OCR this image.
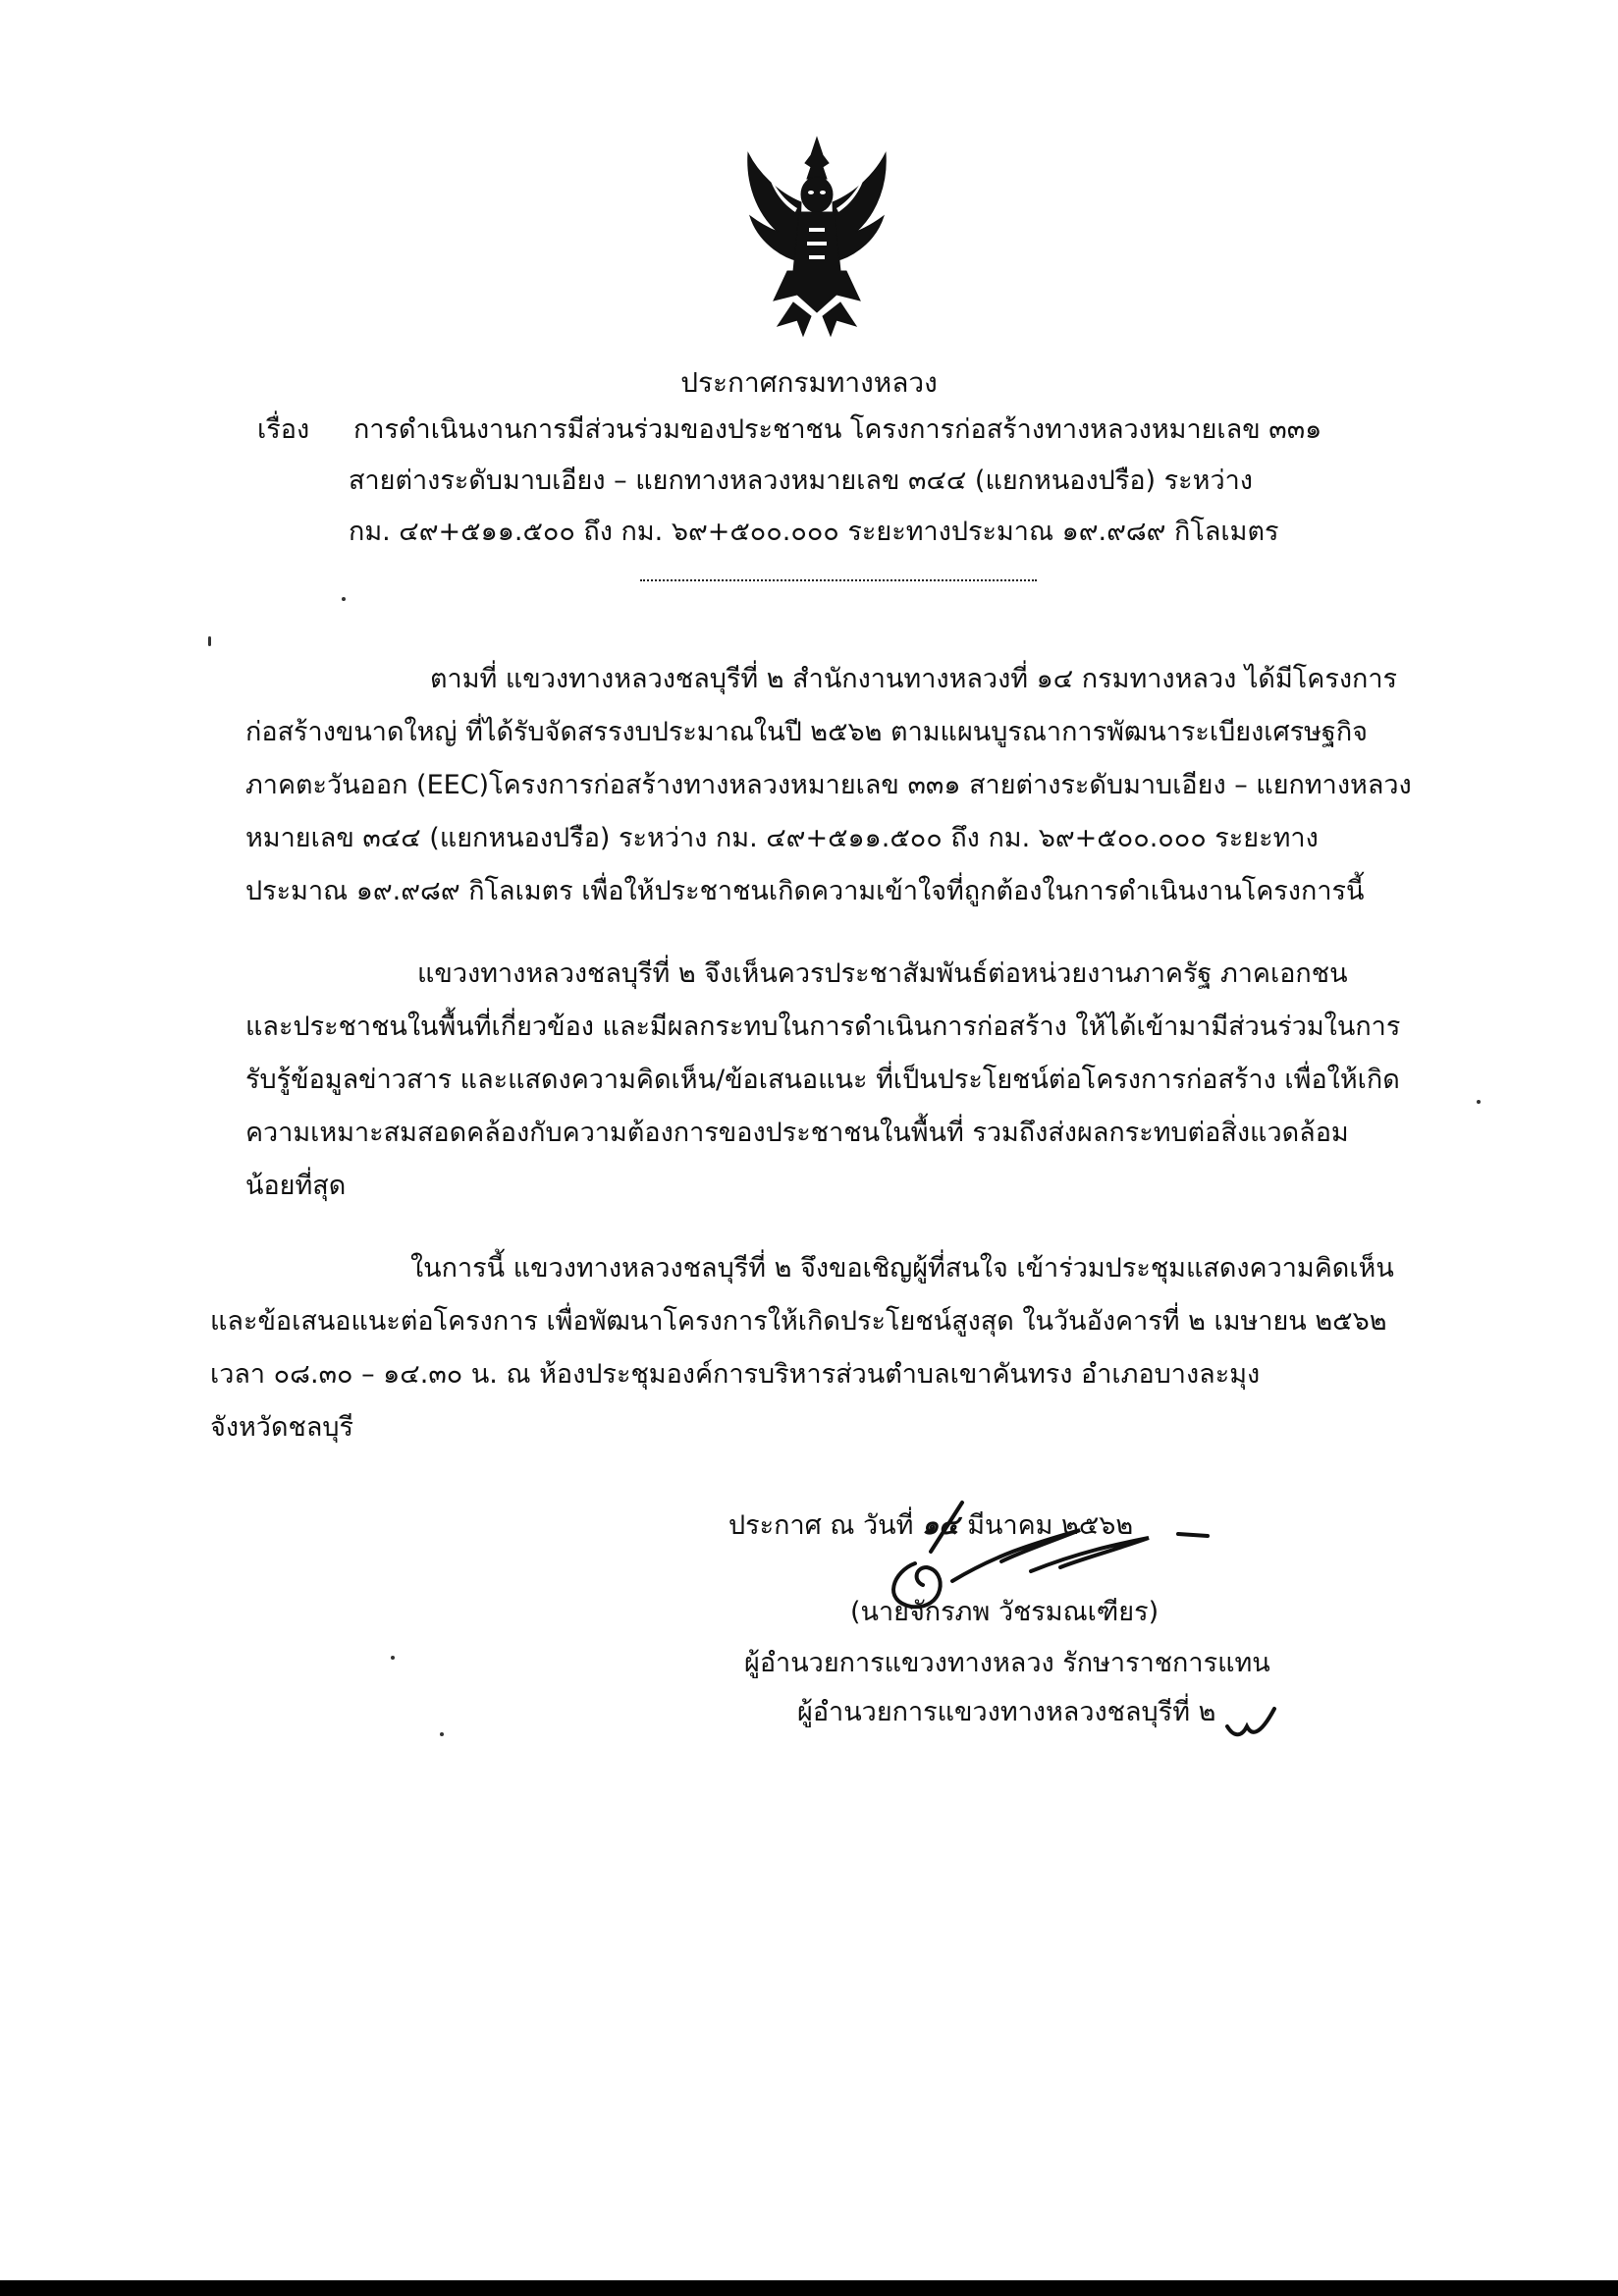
ประกาศกรมทางหลวง
เรื่อง การดำเนินงานการมีส่วนร่วมของประชาชน โครงการก่อสร้างทางหลวงหมายเลข ๓๓๑
สายต่างระดับมาบเอียง – แยกทางหลวงหมายเลข ๓๔๔ (แยกหนองปรือ) ระหว่าง
กม. ๔๙+๕๑๑.๕๐๐ ถึง กม. ๖๙+๕๐๐.๐๐๐ ระยะทางประมาณ ๑๙.๙๘๙ กิโลเมตร
ตามที่ แขวงทางหลวงชลบุรีที่ ๒ สำนักงานทางหลวงที่ ๑๔ กรมทางหลวง ได้มีโครงการ
ก่อสร้างขนาดใหญ่ ที่ได้รับจัดสรรงบประมาณในปี ๒๕๖๒ ตามแผนบูรณาการพัฒนาระเบียงเศรษฐกิจ
ภาคตะวันออก (EEC)โครงการก่อสร้างทางหลวงหมายเลข ๓๓๑ สายต่างระดับมาบเอียง – แยกทางหลวง
หมายเลข ๓๔๔ (แยกหนองปรือ) ระหว่าง กม. ๔๙+๕๑๑.๕๐๐ ถึง กม. ๖๙+๕๐๐.๐๐๐ ระยะทาง
ประมาณ ๑๙.๙๘๙ กิโลเมตร เพื่อให้ประชาชนเกิดความเข้าใจที่ถูกต้องในการดำเนินงานโครงการนี้
แขวงทางหลวงชลบุรีที่ ๒ จึงเห็นควรประชาสัมพันธ์ต่อหน่วยงานภาครัฐ ภาคเอกชน
และประชาชนในพื้นที่เกี่ยวข้อง และมีผลกระทบในการดำเนินการก่อสร้าง ให้ได้เข้ามามีส่วนร่วมในการ
รับรู้ข้อมูลข่าวสาร และแสดงความคิดเห็น/ข้อเสนอแนะ ที่เป็นประโยชน์ต่อโครงการก่อสร้าง เพื่อให้เกิด
ความเหมาะสมสอดคล้องกับความต้องการของประชาชนในพื้นที่ รวมถึงส่งผลกระทบต่อสิ่งแวดล้อม
น้อยที่สุด
ในการนี้ แขวงทางหลวงชลบุรีที่ ๒ จึงขอเชิญผู้ที่สนใจ เข้าร่วมประชุมแสดงความคิดเห็น
และข้อเสนอแนะต่อโครงการ เพื่อพัฒนาโครงการให้เกิดประโยชน์สูงสุด ในวันอังคารที่ ๒ เมษายน ๒๕๖๒
เวลา ๐๘.๓๐ – ๑๔.๓๐ น. ณ ห้องประชุมองค์การบริหารส่วนตำบลเขาคันทรง อำเภอบางละมุง
จังหวัดชลบุรี
ประกาศ ณ วันที่ ๑๔ มีนาคม ๒๕๖๒
(นายจักรภพ วัชรมณเฑียร)
ผู้อำนวยการแขวงทางหลวง รักษาราชการแทน
ผู้อำนวยการแขวงทางหลวงชลบุรีที่ ๒
